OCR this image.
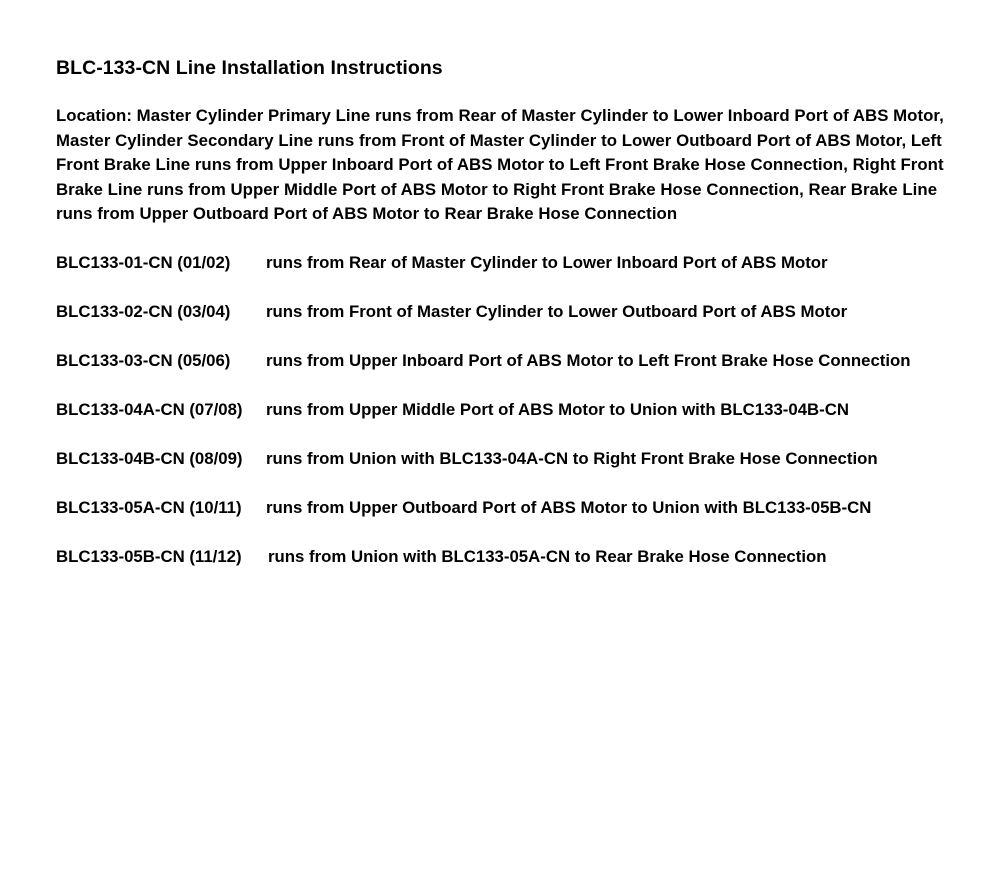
BLC-133-CN Line Installation Instructions
Location: Master Cylinder Primary Line runs from Rear of Master Cylinder to Lower Inboard Port of ABS Motor, Master Cylinder Secondary Line runs from Front of Master Cylinder to Lower Outboard Port of ABS Motor, Left Front Brake Line runs from Upper Inboard Port of ABS Motor to Left Front Brake Hose Connection, Right Front Brake Line runs from Upper Middle Port of ABS Motor to Right Front Brake Hose Connection, Rear Brake Line runs from Upper Outboard Port of ABS Motor to Rear Brake Hose Connection
BLC133-01-CN (01/02) runs from Rear of Master Cylinder to Lower Inboard Port of ABS Motor
BLC133-02-CN (03/04) runs from Front of Master Cylinder to Lower Outboard Port of ABS Motor
BLC133-03-CN (05/06) runs from Upper Inboard Port of ABS Motor to Left Front Brake Hose Connection
BLC133-04A-CN (07/08) runs from Upper Middle Port of ABS Motor to Union with BLC133-04B-CN
BLC133-04B-CN (08/09) runs from Union with BLC133-04A-CN to Right Front Brake Hose Connection
BLC133-05A-CN (10/11) runs from Upper Outboard Port of ABS Motor to Union with BLC133-05B-CN
BLC133-05B-CN (11/12) runs from Union with BLC133-05A-CN to Rear Brake Hose Connection
